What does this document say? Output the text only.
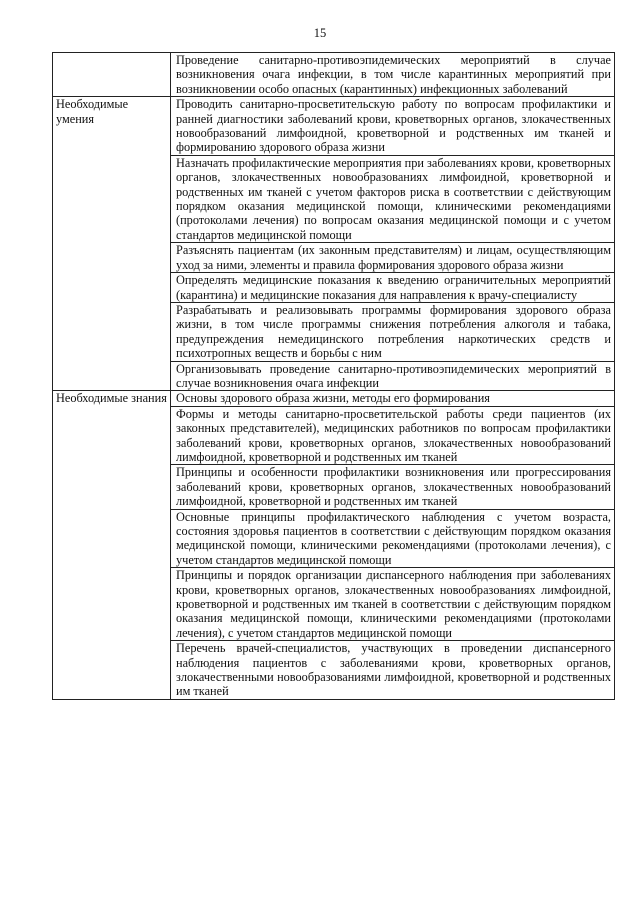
15
	Проведение санитарно-противоэпидемических мероприятий в случае возникновения очага инфекции, в том числе карантинных мероприятий при возникновении особо опасных (карантинных) инфекционных заболеваний
Необходимые умения	Проводить санитарно-просветительскую работу по вопросам профилактики и ранней диагностики заболеваний крови, кроветворных органов, злокачественных новообразований лимфоидной, кроветворной и родственных им тканей и формированию здорового образа жизни
	Назначать профилактические мероприятия при заболеваниях крови, кроветворных органов, злокачественных новообразованиях лимфоидной, кроветворной и родственных им тканей с учетом факторов риска в соответствии с действующим порядком оказания медицинской помощи, клиническими рекомендациями (протоколами лечения) по вопросам оказания медицинской помощи и с учетом стандартов медицинской помощи
	Разъяснять пациентам (их законным представителям) и лицам, осуществляющим уход за ними, элементы и правила формирования здорового образа жизни
	Определять медицинские показания к введению ограничительных мероприятий (карантина) и медицинские показания для направления к врачу-специалисту
	Разрабатывать и реализовывать программы формирования здорового образа жизни, в том числе программы снижения потребления алкоголя и табака, предупреждения немедицинского потребления наркотических средств и психотропных веществ и борьбы с ним
	Организовывать проведение санитарно-противоэпидемических мероприятий в случае возникновения очага инфекции
Необходимые знания	Основы здорового образа жизни, методы его формирования
	Формы и методы санитарно-просветительской работы среди пациентов (их законных представителей), медицинских работников по вопросам профилактики заболеваний крови, кроветворных органов, злокачественных новообразований лимфоидной, кроветворной и родственных им тканей
	Принципы и особенности профилактики возникновения или прогрессирования заболеваний крови, кроветворных органов, злокачественных новообразований лимфоидной, кроветворной и родственных им тканей
	Основные принципы профилактического наблюдения с учетом возраста, состояния здоровья пациентов в соответствии с действующим порядком оказания медицинской помощи, клиническими рекомендациями (протоколами лечения), с учетом стандартов медицинской помощи
	Принципы и порядок организации диспансерного наблюдения при заболеваниях крови, кроветворных органов, злокачественных новообразованиях лимфоидной, кроветворной и родственных им тканей в соответствии с действующим порядком оказания медицинской помощи, клиническими рекомендациями (протоколами лечения), с учетом стандартов медицинской помощи
	Перечень врачей-специалистов, участвующих в проведении диспансерного наблюдения пациентов с заболеваниями крови, кроветворных органов, злокачественными новообразованиями лимфоидной, кроветворной и родственных им тканей
